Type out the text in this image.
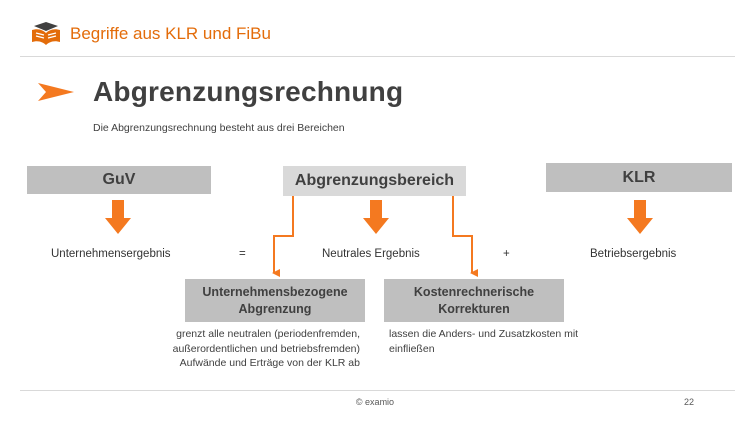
Begriffe aus KLR und FiBu
Abgrenzungsrechnung
Die Abgrenzungsrechnung besteht aus drei Bereichen
GuV	Abgrenzungsbereich	KLR
Unternehmensergebnis	=	Neutrales Ergebnis	+	Betriebsergebnis
Unternehmensbezogene
Abgrenzung
Kostenrechnerische
Korrekturen
grenzt alle neutralen (periodenfremden,
außerordentlichen und betriebsfremden)
Aufwände und Erträge von der KLR ab
lassen die Anders- und Zusatzkosten mit
einfließen
© examio	22
